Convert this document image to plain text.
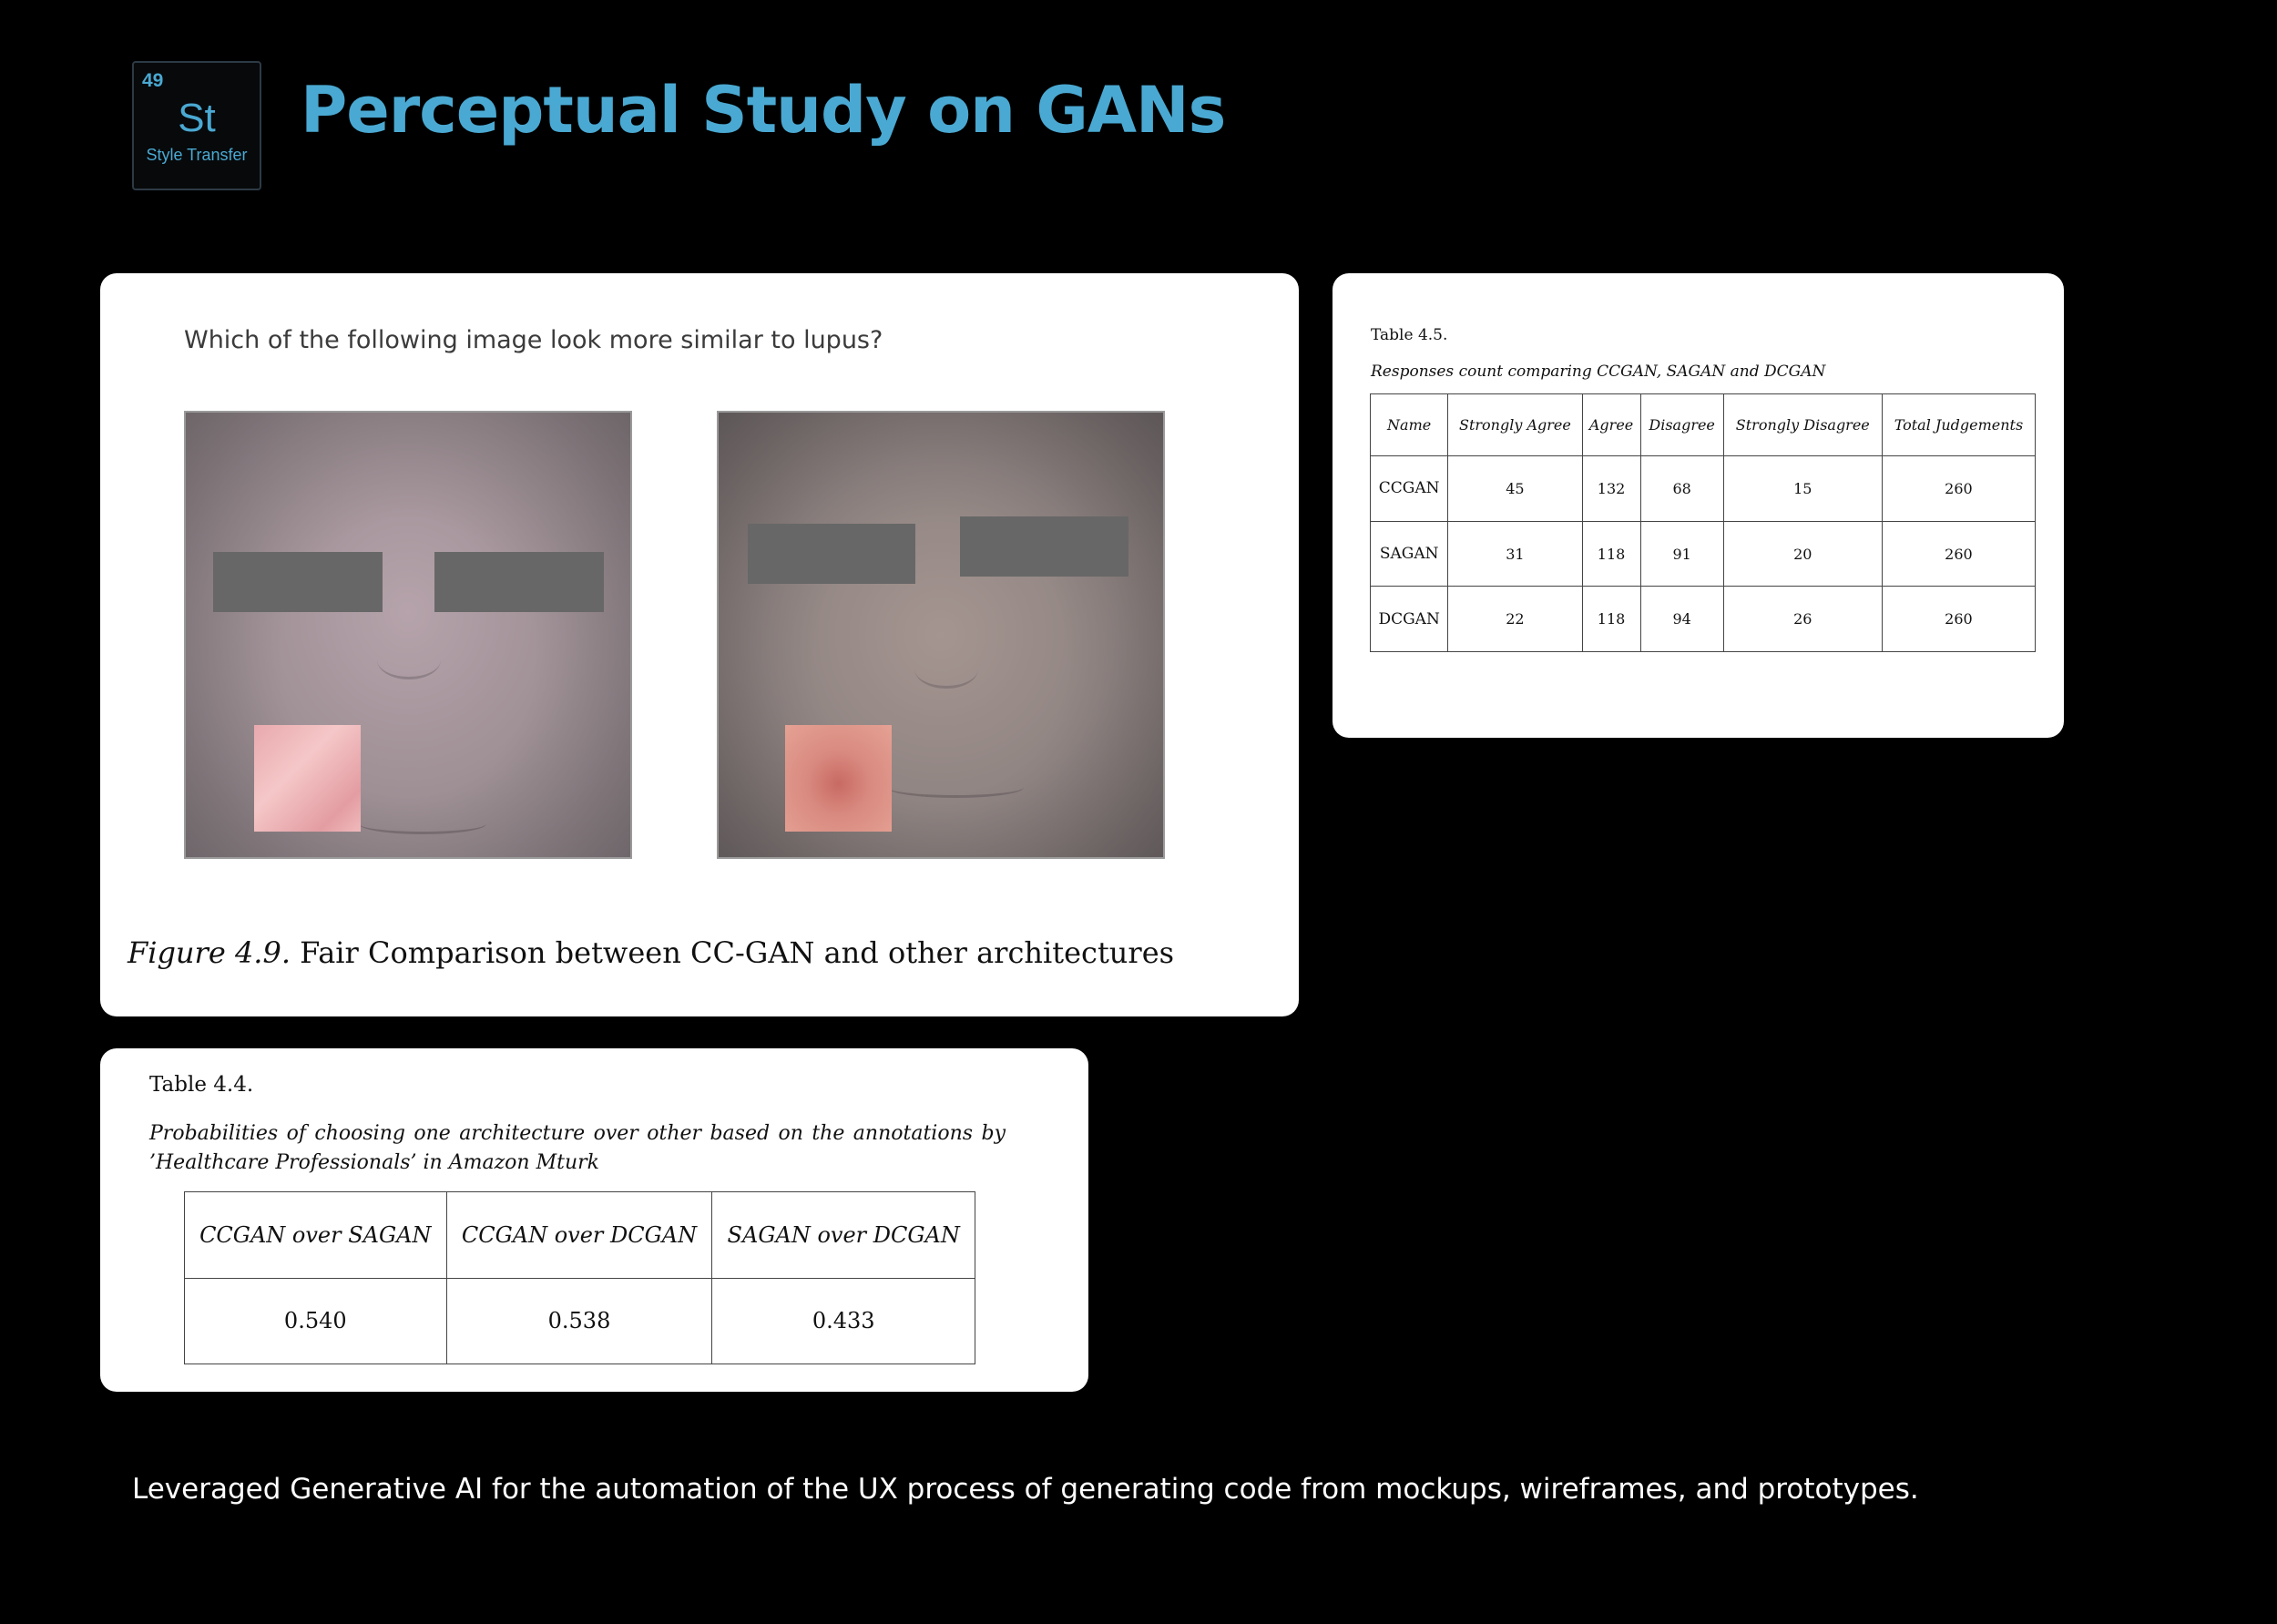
49
St
Style Transfer
Perceptual Study on GANs
Which of the following image look more similar to lupus?
Figure 4.9. Fair Comparison between CC-GAN and other architectures
Table 4.5.
Responses count comparing CCGAN, SAGAN and DCGAN
Name	Strongly Agree	Agree	Disagree	Strongly Disagree	Total Judgements
CCGAN	45	132	68	15	260
SAGAN	31	118	91	20	260
DCGAN	22	118	94	26	260
Table 4.4.
Probabilities of choosing one architecture over other based on the annotations by ’Healthcare Professionals’ in Amazon Mturk
CCGAN over SAGAN	CCGAN over DCGAN	SAGAN over DCGAN
0.540	0.538	0.433
Leveraged Generative AI for the automation of the UX process of generating code from mockups, wireframes, and prototypes.
